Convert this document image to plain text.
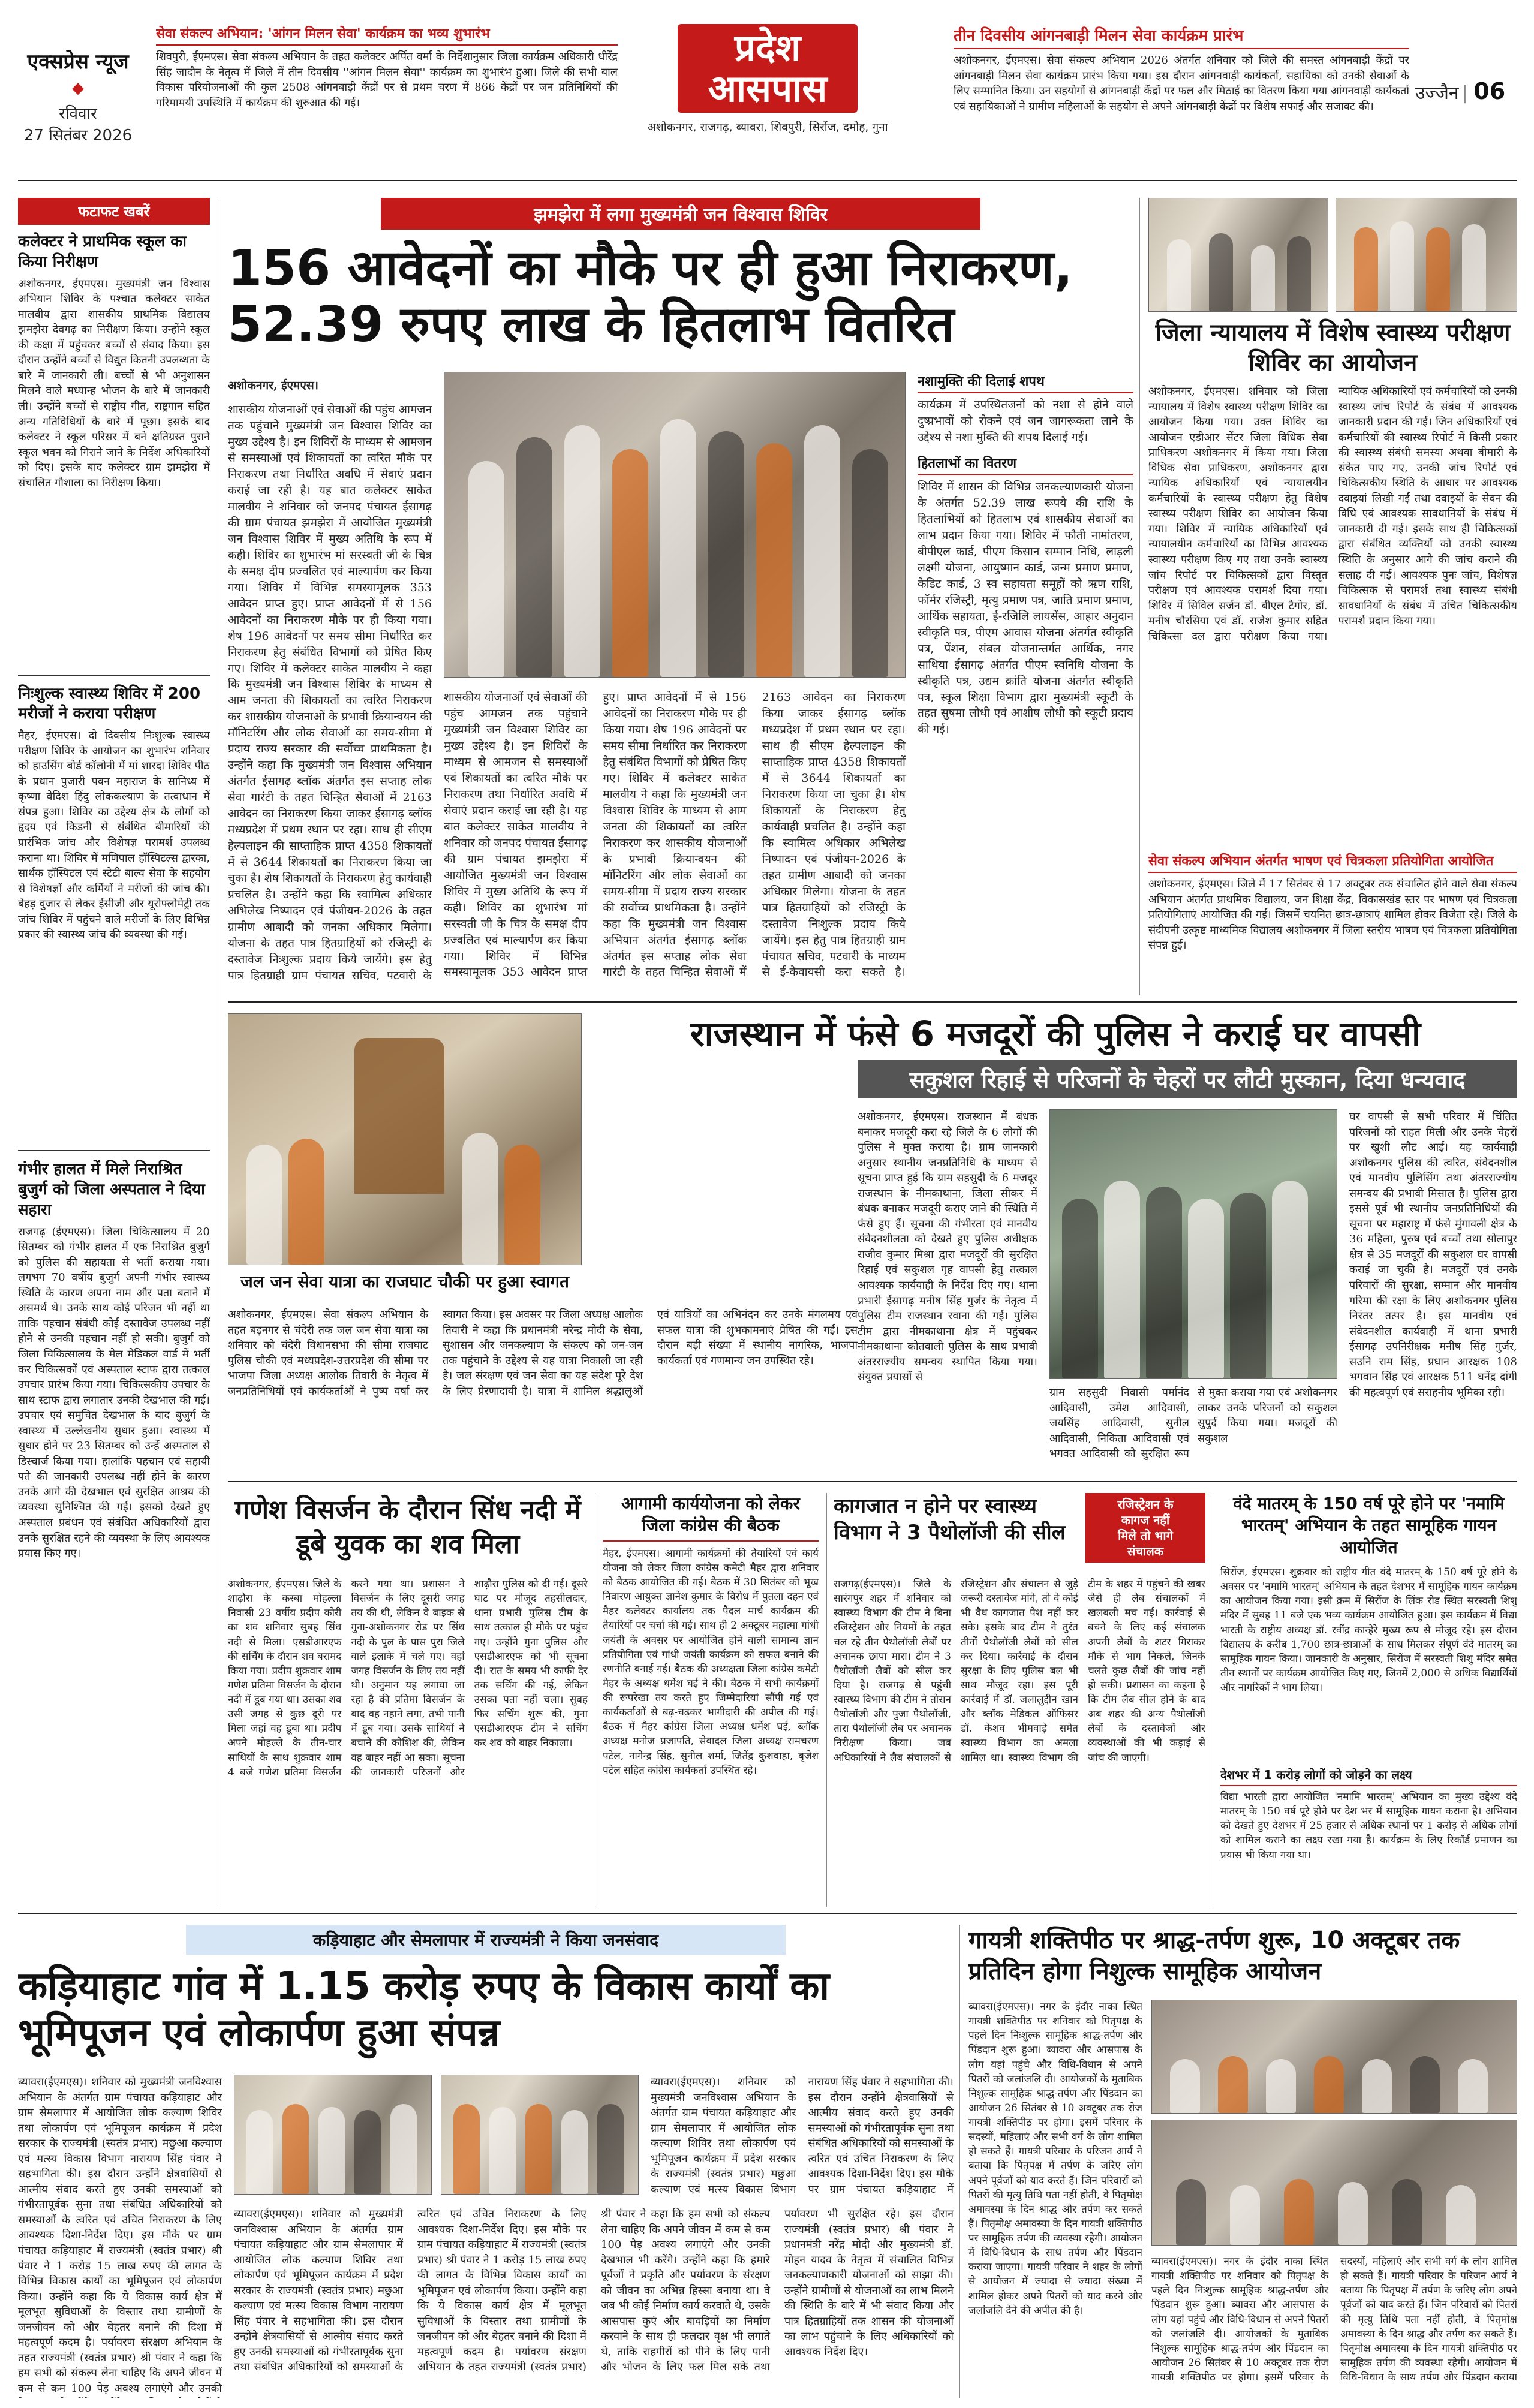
एक्सप्रेस न्यूज
◆
रविवार
27 सितंबर 2026
सेवा संकल्प अभियान: 'आंगन मिलन सेवा' कार्यक्रम का भव्य शुभारंभ
शिवपुरी, ईएमएस। सेवा संकल्प अभियान के तहत कलेक्टर अर्पित वर्मा के निर्देशानुसार जिला कार्यक्रम अधिकारी धीरेंद्र सिंह जादौन के नेतृत्व में जिले में तीन दिवसीय ''आंगन मिलन सेवा'' कार्यक्रम का शुभारंभ हुआ। जिले की सभी बाल विकास परियोजनाओं की कुल 2508 आंगनबाड़ी केंद्रों पर से प्रथम चरण में 866 केंद्रों पर जन प्रतिनिधियों की गरिमामयी उपस्थिति में कार्यक्रम की शुरुआत की गई।
प्रदेश
आसपास
अशोकनगर, राजगढ़, ब्यावरा, शिवपुरी, सिरोंज, दमोह, गुना
तीन दिवसीय आंगनबाड़ी मिलन सेवा कार्यक्रम प्रारंभ
अशोकनगर, ईएमएस। सेवा संकल्प अभियान 2026 अंतर्गत शनिवार को जिले की समस्त आंगनबाड़ी केंद्रों पर आंगनबाड़ी मिलन सेवा कार्यक्रम प्रारंभ किया गया। इस दौरान आंगनवाड़ी कार्यकर्ता, सहायिका को उनकी सेवाओं के लिए सम्मानित किया। उन सहयोगों से आंगनबाड़ी केंद्रों पर फल और मिठाई का वितरण किया गया आंगनवाड़ी कार्यकर्ता एवं सहायिकाओं ने ग्रामीण महिलाओं के सहयोग से अपने आंगनबाड़ी केंद्रों पर विशेष सफाई और सजावट की।
उज्जैन | 06
फटाफट खबरें
कलेक्टर ने प्राथमिक स्कूल का किया निरीक्षण
अशोकनगर, ईएमएस। मुख्यमंत्री जन विश्वास अभियान शिविर के पश्चात कलेक्टर साकेत मालवीय द्वारा शासकीय प्राथमिक विद्यालय झमझेरा देवगढ़ का निरीक्षण किया। उन्होंने स्कूल की कक्षा में पहुंचकर बच्चों से संवाद किया। इस दौरान उन्होंने बच्चों से विद्युत कितनी उपलब्धता के बारे में जानकारी ली। बच्चों से भी अनुशासन मिलने वाले मध्यान्ह भोजन के बारे में जानकारी ली। उन्होंने बच्चों से राष्ट्रीय गीत, राष्ट्रगान सहित अन्य गतिविधियों के बारे में पूछा। इसके बाद कलेक्टर ने स्कूल परिसर में बने क्षतिग्रस्त पुराने स्कूल भवन को गिराने जाने के निर्देश अधिकारियों को दिए। इसके बाद कलेक्टर ग्राम झमझेरा में संचालित गौशाला का निरीक्षण किया।
निःशुल्क स्वास्थ्य शिविर में 200 मरीजों ने कराया परीक्षण
मैहर, ईएमएस। दो दिवसीय निःशुल्क स्वास्थ्य परीक्षण शिविर के आयोजन का शुभारंभ शनिवार को हाउसिंग बोर्ड कॉलोनी में मां शारदा शिविर पीठ के प्रधान पुजारी पवन महाराज के सानिध्य में कृष्णा वेदिश हिंदु लोककल्याण के तत्वाधान में संपन्न हुआ। शिविर का उद्देश्य क्षेत्र के लोगों को हृदय एवं किडनी से संबंधित बीमारियों की प्रारंभिक जांच और विशेषज्ञ परामर्श उपलब्ध कराना था। शिविर में मणिपाल हॉस्पिटल्स द्वारका, सार्थक हॉस्पिटल एवं स्टेटी बाल्व सेवा के सहयोग से विशेषज्ञों और कर्मियों ने मरीजों की जांच की। बेहड़ वुजार से लेकर ईसीजी और यूरोफ्लोमेट्री तक जांच शिविर में पहुंचने वाले मरीजों के लिए विभिन्न प्रकार की स्वास्थ्य जांच की व्यवस्था की गई।
गंभीर हालत में मिले निराश्रित बुजुर्ग को जिला अस्पताल ने दिया सहारा
राजगढ़ (ईएमएस)। जिला चिकित्सालय में 20 सितम्बर को गंभीर हालत में एक निराश्रित बुजुर्ग को पुलिस की सहायता से भर्ती कराया गया। लगभग 70 वर्षीय बुजुर्ग अपनी गंभीर स्वास्थ्य स्थिति के कारण अपना नाम और पता बताने में असमर्थ थे। उनके साथ कोई परिजन भी नहीं था ताकि पहचान संबंधी कोई दस्तावेज उपलब्ध नहीं होने से उनकी पहचान नहीं हो सकी। बुजुर्ग को जिला चिकित्सालय के मेल मेडिकल वार्ड में भर्ती कर चिकित्सकों एवं अस्पताल स्टाफ द्वारा तत्काल उपचार प्रारंभ किया गया। चिकित्सकीय उपचार के साथ स्टाफ द्वारा लगातार उनकी देखभाल की गई। उपचार एवं समुचित देखभाल के बाद बुजुर्ग के स्वास्थ्य में उल्लेखनीय सुधार हुआ। स्वास्थ्य में सुधार होने पर 23 सितम्बर को उन्हें अस्पताल से डिस्चार्ज किया गया। हालांकि पहचान एवं सहायी पते की जानकारी उपलब्ध नहीं होने के कारण उनके आगे की देखभाल एवं सुरक्षित आश्रय की व्यवस्था सुनिश्चित की गई। इसको देखते हुए अस्पताल प्रबंधन एवं संबंधित अधिकारियों द्वारा उनके सुरक्षित रहने की व्यवस्था के लिए आवश्यक प्रयास किए गए।
झमझेरा में लगा मुख्यमंत्री जन विश्वास शिविर
156 आवेदनों का मौके पर ही हुआ निराकरण, 52.39 रुपए लाख के हितलाभ वितरित
अशोकनगर, ईएमएस।
शासकीय योजनाओं एवं सेवाओं की पहुंच आमजन तक पहुंचाने मुख्यमंत्री जन विश्वास शिविर का मुख्य उद्देश्य है। इन शिविरों के माध्यम से आमजन से समस्याओं एवं शिकायतों का त्वरित मौके पर निराकरण तथा निर्धारित अवधि में सेवाएं प्रदान कराई जा रही है। यह बात कलेक्टर साकेत मालवीय ने शनिवार को जनपद पंचायत ईसागढ़ की ग्राम पंचायत झमझेरा में आयोजित मुख्यमंत्री जन विश्वास शिविर में मुख्य अतिथि के रूप में कही। शिविर का शुभारंभ मां सरस्वती जी के चित्र के समक्ष दीप प्रज्वलित एवं माल्यार्पण कर किया गया। शिविर में विभिन्न समस्यामूलक 353 आवेदन प्राप्त हुए। प्राप्त आवेदनों में से 156 आवेदनों का निराकरण मौके पर ही किया गया। शेष 196 आवेदनों पर समय सीमा निर्धारित कर निराकरण हेतु संबंधित विभागों को प्रेषित किए गए। शिविर में कलेक्टर साकेत मालवीय ने कहा कि मुख्यमंत्री जन विश्वास शिविर के माध्यम से आम जनता की शिकायतों का त्वरित निराकरण कर शासकीय योजनाओं के प्रभावी क्रियान्वयन की मॉनिटरिंग और लोक सेवाओं का समय-सीमा में प्रदाय राज्य सरकार की सर्वोच्च प्राथमिकता है। उन्होंने कहा कि मुख्यमंत्री जन विश्वास अभियान अंतर्गत ईसागढ़ ब्लॉक अंतर्गत इस सप्ताह लोक सेवा गारंटी के तहत चिन्हित सेवाओं में 2163 आवेदन का निराकरण किया जाकर ईसागढ़ ब्लॉक मध्यप्रदेश में प्रथम स्थान पर रहा। साथ ही सीएम हेल्पलाइन की साप्ताहिक प्राप्त 4358 शिकायतों में से 3644 शिकायतों का निराकरण किया जा चुका है। शेष शिकायतों के निराकरण हेतु कार्यवाही प्रचलित है। उन्होंने कहा कि स्वामित्व अधिकार अभिलेख निष्पादन एवं पंजीयन-2026 के तहत ग्रामीण आबादी को जनका अधिकार मिलेगा। योजना के तहत पात्र हितग्राहियों को रजिस्ट्री के दस्तावेज निःशुल्क प्रदाय किये जायेंगे। इस हेतु पात्र हितग्राही ग्राम पंचायत सचिव, पटवारी के
शासकीय योजनाओं एवं सेवाओं की पहुंच आमजन तक पहुंचाने मुख्यमंत्री जन विश्वास शिविर का मुख्य उद्देश्य है। इन शिविरों के माध्यम से आमजन से समस्याओं एवं शिकायतों का त्वरित मौके पर निराकरण तथा निर्धारित अवधि में सेवाएं प्रदान कराई जा रही है। यह बात कलेक्टर साकेत मालवीय ने शनिवार को जनपद पंचायत ईसागढ़ की ग्राम पंचायत झमझेरा में आयोजित मुख्यमंत्री जन विश्वास शिविर में मुख्य अतिथि के रूप में कही। शिविर का शुभारंभ मां सरस्वती जी के चित्र के समक्ष दीप प्रज्वलित एवं माल्यार्पण कर किया गया। शिविर में विभिन्न समस्यामूलक 353 आवेदन प्राप्त हुए। प्राप्त आवेदनों में से 156 आवेदनों का निराकरण मौके पर ही किया गया। शेष 196 आवेदनों पर समय सीमा निर्धारित कर निराकरण हेतु संबंधित विभागों को प्रेषित किए गए। शिविर में कलेक्टर साकेत मालवीय ने कहा कि मुख्यमंत्री जन विश्वास शिविर के माध्यम से आम जनता की शिकायतों का त्वरित निराकरण कर शासकीय योजनाओं के प्रभावी क्रियान्वयन की मॉनिटरिंग और लोक सेवाओं का समय-सीमा में प्रदाय राज्य सरकार की सर्वोच्च प्राथमिकता है। उन्होंने कहा कि मुख्यमंत्री जन विश्वास अभियान अंतर्गत ईसागढ़ ब्लॉक अंतर्गत इस सप्ताह लोक सेवा गारंटी के तहत चिन्हित सेवाओं में 2163 आवेदन का निराकरण किया जाकर ईसागढ़ ब्लॉक मध्यप्रदेश में प्रथम स्थान पर रहा। साथ ही सीएम हेल्पलाइन की साप्ताहिक प्राप्त 4358 शिकायतों में से 3644 शिकायतों का निराकरण किया जा चुका है। शेष शिकायतों के निराकरण हेतु कार्यवाही प्रचलित है। उन्होंने कहा कि स्वामित्व अधिकार अभिलेख निष्पादन एवं पंजीयन-2026 के तहत ग्रामीण आबादी को जनका अधिकार मिलेगा। योजना के तहत पात्र हितग्राहियों को रजिस्ट्री के दस्तावेज निःशुल्क प्रदाय किये जायेंगे। इस हेतु पात्र हितग्राही ग्राम पंचायत सचिव, पटवारी के माध्यम से ई-केवायसी करा सकते है।
नशामुक्ति की दिलाई शपथ
कार्यक्रम में उपस्थितजनों को नशा से होने वाले दुष्प्रभावों को रोकने एवं जन जागरूकता लाने के उद्देश्य से नशा मुक्ति की शपथ दिलाई गई।
हितलाभों का वितरण
शिविर में शासन की विभिन्न जनकल्याणकारी योजना के अंतर्गत 52.39 लाख रूपये की राशि के हितलाभियों को हितलाभ एवं शासकीय सेवाओं का लाभ प्रदान किया गया। शिविर में फौती नामांतरण, बीपीएल कार्ड, पीएम किसान सम्मान निधि, लाड़ली लक्ष्मी योजना, आयुष्मान कार्ड, जन्म प्रमाण प्रमाण, केडिट कार्ड, 3 स्व सहायता समूहों को ऋण राशि, फॉर्मर रजिस्ट्री, मृत्यु प्रमाण पत्र, जाति प्रमाण प्रमाण, आर्थिक सहायता, ई-रजिलि लायसेंस, आहार अनुदान स्वीकृति पत्र, पीएम आवास योजना अंतर्गत स्वीकृति पत्र, पेंशन, संबल योजनान्तर्गत आर्थिक, नगर साथिया ईसागढ़ अंतर्गत पीएम स्वनिधि योजना के स्वीकृति पत्र, उद्यम क्रांति योजना अंतर्गत स्वीकृति पत्र, स्कूल शिक्षा विभाग द्वारा मुख्यमंत्री स्कूटी के तहत सुषमा लोधी एवं आशीष लोधी को स्कूटी प्रदाय की गई।
जिला न्यायालय में विशेष स्वास्थ्य परीक्षण शिविर का आयोजन
अशोकनगर, ईएमएस। शनिवार को जिला न्यायालय में विशेष स्वास्थ्य परीक्षण शिविर का आयोजन किया गया। उक्त शिविर का आयोजन एडीआर सेंटर जिला विधिक सेवा प्राधिकरण अशोकनगर में किया गया। जिला विधिक सेवा प्राधिकरण, अशोकनगर द्वारा न्यायिक अधिकारियों एवं न्यायालयीन कर्मचारियों के स्वास्थ्य परीक्षण हेतु विशेष स्वास्थ्य परीक्षण शिविर का आयोजन किया गया। शिविर में न्यायिक अधिकारियों एवं न्यायालयीन कर्मचारियों का विभिन्न आवश्यक स्वास्थ्य परीक्षण किए गए तथा उनके स्वास्थ्य जांच रिपोर्ट पर चिकित्सकों द्वारा विस्तृत परीक्षण एवं आवश्यक परामर्श दिया गया। शिविर में सिविल सर्जन डॉ. बीएल टैगोर, डॉ. मनीष चौरसिया एवं डॉ. राजेश कुमार सहित चिकित्सा दल द्वारा परीक्षण किया गया। न्यायिक अधिकारियों एवं कर्मचारियों को उनकी स्वास्थ्य जांच रिपोर्ट के संबंध में आवश्यक जानकारी प्रदान की गई। जिन अधिकारियों एवं कर्मचारियों की स्वास्थ्य रिपोर्ट में किसी प्रकार की स्वास्थ्य संबंधी समस्या अथवा बीमारी के संकेत पाए गए, उनकी जांच रिपोर्ट एवं चिकित्सकीय स्थिति के आधार पर आवश्यक दवाइयां लिखी गईं तथा दवाइयों के सेवन की विधि एवं आवश्यक सावधानियों के संबंध में जानकारी दी गई। इसके साथ ही चिकित्सकों द्वारा संबंधित व्यक्तियों को उनकी स्वास्थ्य स्थिति के अनुसार आगे की जांच कराने की सलाह दी गई। आवश्यक पुनः जांच, विशेषज्ञ चिकित्सक से परामर्श तथा स्वास्थ्य संबंधी सावधानियों के संबंध में उचित चिकित्सकीय परामर्श प्रदान किया गया।
सेवा संकल्प अभियान अंतर्गत भाषण एवं चित्रकला प्रतियोगिता आयोजित
अशोकनगर, ईएमएस। जिले में 17 सितंबर से 17 अक्टूबर तक संचालित होने वाले सेवा संकल्प अभियान अंतर्गत प्राथमिक विद्यालय, जन शिक्षा केंद्र, विकासखंड स्तर पर भाषण एवं चित्रकला प्रतियोगिताएं आयोजित की गईं। जिसमें चयनित छात्र-छात्राएं शामिल होकर विजेता रहे। जिले के संदीपनी उत्कृष्ट माध्यमिक विद्यालय अशोकनगर में जिला स्तरीय भाषण एवं चित्रकला प्रतियोगिता संपन्न हुई।
जल जन सेवा यात्रा का राजघाट चौकी पर हुआ स्वागत
अशोकनगर, ईएमएस। सेवा संकल्प अभियान के तहत बड़नगर से चंदेरी तक जल जन सेवा यात्रा का शनिवार को चंदेरी विधानसभा की सीमा राजघाट पुलिस चौकी एवं मध्यप्रदेश-उत्तरप्रदेश की सीमा पर भाजपा जिला अध्यक्ष आलोक तिवारी के नेतृत्व में जनप्रतिनिधियों एवं कार्यकर्ताओं ने पुष्प वर्षा कर स्वागत किया। इस अवसर पर जिला अध्यक्ष आलोक तिवारी ने कहा कि प्रधानमंत्री नरेन्द्र मोदी के सेवा, सुशासन और जनकल्याण के संकल्प को जन-जन तक पहुंचाने के उद्देश्य से यह यात्रा निकाली जा रही है। जल संरक्षण एवं जन सेवा का यह संदेश पूरे देश के लिए प्रेरणादायी है। यात्रा में शामिल श्रद्धालुओं एवं यात्रियों का अभिनंदन कर उनके मंगलमय एवं सफल यात्रा की शुभकामनाएं प्रेषित की गईं। इस दौरान बड़ी संख्या में स्थानीय नागरिक, भाजपा कार्यकर्ता एवं गणमान्य जन उपस्थित रहे।
राजस्थान में फंसे 6 मजदूरों की पुलिस ने कराई घर वापसी
सकुशल रिहाई से परिजनों के चेहरों पर लौटी मुस्कान, दिया धन्यवाद
अशोकनगर, ईएमएस। राजस्थान में बंधक बनाकर मजदूरी करा रहे जिले के 6 लोगों की पुलिस ने मुक्त कराया है। ग्राम जानकारी अनुसार स्थानीय जनप्रतिनिधि के माध्यम से सूचना प्राप्त हुई कि ग्राम सहसुदी के 6 मजदूर राजस्थान के नीमकाथाना, जिला सीकर में बंधक बनाकर मजदूरी कराए जाने की स्थिति में फंसे हुए हैं। सूचना की गंभीरता एवं मानवीय संवेदनशीलता को देखते हुए पुलिस अधीक्षक राजीव कुमार मिश्रा द्वारा मजदूरों की सुरक्षित रिहाई एवं सकुशल गृह वापसी हेतु तत्काल आवश्यक कार्यवाही के निर्देश दिए गए। थाना प्रभारी ईसागढ़ मनीष सिंह गुर्जर के नेतृत्व में पुलिस टीम राजस्थान रवाना की गई। पुलिस टीम द्वारा नीमकाथाना क्षेत्र में पहुंचकर नीमकाथाना कोतवाली पुलिस के साथ प्रभावी अंतरराज्यीय समन्वय स्थापित किया गया। संयुक्त प्रयासों से
ग्राम सहसुदी निवासी पर्मानंद आदिवासी, उमेश आदिवासी, जयसिंह आदिवासी, सुनील आदिवासी, निकिता आदिवासी एवं भगवत आदिवासी को सुरक्षित रूप से मुक्त कराया गया एवं अशोकनगर लाकर उनके परिजनों को सकुशल सुपुर्द किया गया। मजदूरों की सकुशल
घर वापसी से सभी परिवार में चिंतित परिजनों को राहत मिली और उनके चेहरों पर खुशी लौट आई। यह कार्यवाही अशोकनगर पुलिस की त्वरित, संवेदनशील एवं मानवीय पुलिसिंग तथा अंतरराज्यीय समन्वय की प्रभावी मिसाल है। पुलिस द्वारा इससे पूर्व भी स्थानीय जनप्रतिनिधियों की सूचना पर महाराष्ट्र में फंसे मुंगावली क्षेत्र के 36 महिला, पुरुष एवं बच्चों तथा सोलापुर क्षेत्र से 35 मजदूरों की सकुशल घर वापसी कराई जा चुकी है। मजदूरों एवं उनके परिवारों की सुरक्षा, सम्मान और मानवीय गरिमा की रक्षा के लिए अशोकनगर पुलिस निरंतर तत्पर है। इस मानवीय एवं संवेदनशील कार्यवाही में थाना प्रभारी ईसागढ़ उपनिरीक्षक मनीष सिंह गुर्जर, सउनि राम सिंह, प्रधान आरक्षक 108 भगवान सिंह एवं आरक्षक 511 घनेंद्र दांगी की महत्वपूर्ण एवं सराहनीय भूमिका रही।
गणेश विसर्जन के दौरान सिंध नदी में डूबे युवक का शव मिला
अशोकनगर, ईएमएस। जिले के शाढ़ौरा के कस्बा मोहल्ला निवासी 23 वर्षीय प्रदीप कोरी का शव शनिवार सुबह सिंध नदी से मिला। एसडीआरएफ की सर्चिंग के दौरान शव बरामद किया गया। प्रदीप शुक्रवार शाम गणेश प्रतिमा विसर्जन के दौरान नदी में डूब गया था। उसका शव उसी जगह से कुछ दूरी पर मिला जहां वह डूबा था। प्रदीप अपने मोहल्ले के तीन-चार साथियों के साथ शुक्रवार शाम 4 बजे गणेश प्रतिमा विसर्जन करने गया था। प्रशासन ने विसर्जन के लिए दूसरी जगह तय की थी, लेकिन वे बाइक से गुना-अशोकनगर रोड पर सिंध नदी के पुल के पास पुरा जिले वाले इलाके में चले गए। वहां जगह विसर्जन के लिए तय नहीं थी। अनुमान यह लगाया जा रहा है की प्रतिमा विसर्जन के बाद वह नहाने लगा, तभी पानी में डूब गया। उसके साथियों ने बचाने की कोशिश की, लेकिन वह बाहर नहीं आ सका। सूचना की जानकारी परिजनों और शाढ़ौरा पुलिस को दी गई। दूसरे घाट पर मौजूद तहसीलदार, थाना प्रभारी पुलिस टीम के साथ तत्काल ही मौके पर पहुंच गए। उन्होंने गुना पुलिस और एसडीआरएफ को भी सूचना दी। रात के समय भी काफी देर तक सर्चिंग की गई, लेकिन उसका पता नहीं चला। सुबह फिर सर्चिंग शुरू की, गुना एसडीआरएफ टीम ने सर्चिंग कर शव को बाहर निकाला।
आगामी कार्ययोजना को लेकर जिला कांग्रेस की बैठक
मैहर, ईएमएस। आगामी कार्यक्रमों की तैयारियों एवं कार्य योजना को लेकर जिला कांग्रेस कमेटी मैहर द्वारा शनिवार को बैठक आयोजित की गई। बैठक में 30 सितंबर को भूख निवारण आयुक्त ज्ञानेश कुमार के विरोध में पुतला दहन एवं मैहर कलेक्टर कार्यालय तक पैदल मार्च कार्यक्रम की तैयारियों पर चर्चा की गई। साथ ही 2 अक्टूबर महात्मा गांधी जयंती के अवसर पर आयोजित होने वाली सामान्य ज्ञान प्रतियोगिता एवं गांधी जयंती कार्यक्रम को सफल बनाने की रणनीति बनाई गई। बैठक की अध्यक्षता जिला कांग्रेस कमेटी मैहर के अध्यक्ष धर्मेश घई ने की। बैठक में सभी कार्यक्रमों की रूपरेखा तय करते हुए जिम्मेदारियां सौंपी गई एवं कार्यकर्ताओं से बढ़-चढ़कर भागीदारी की अपील की गई। बैठक में मैहर कांग्रेस जिला अध्यक्ष धर्मेश घई, ब्लॉक अध्यक्ष मनोज प्रजापति, सेवादल जिला अध्यक्ष रामचरण पटेल, नागेन्द्र सिंह, सुनील शर्मा, जितेंद्र कुशवाहा, बृजेश पटेल सहित कांग्रेस कार्यकर्ता उपस्थित रहे।
कागजात न होने पर स्वास्थ्य विभाग ने 3 पैथोलॉजी की सील
रजिस्ट्रेशन के
कागज नहीं
मिले तो भागे
संचालक
राजगढ़(ईएमएस)। जिले के सारंगपुर शहर में शनिवार को स्वास्थ्य विभाग की टीम ने बिना रजिस्ट्रेशन और नियमों के तहत चल रहे तीन पैथोलॉजी लैबों पर अचानक छापा मारा। टीम ने 3 पैथोलॉजी लैबों को सील कर दिया है। राजगढ़ से पहुंची स्वास्थ्य विभाग की टीम ने तोरान पैथोलॉजी और पुजा पैथोलॉजी, तारा पैथोलॉजी लैब पर अचानक निरीक्षण किया। जब अधिकारियों ने लैब संचालकों से रजिस्ट्रेशन और संचालन से जुड़े जरूरी दस्तावेज मांगे, तो वे कोई भी वैध कागजात पेश नहीं कर सके। इसके बाद टीम ने तुरंत तीनों पैथोलॉजी लैबों को सील कर दिया। कार्रवाई के दौरान सुरक्षा के लिए पुलिस बल भी साथ मौजूद रहा। इस पूरी कार्रवाई में डॉ. जलालुद्दीन खान और ब्लॉक मेडिकल ऑफिसर डॉ. केशव भीमवाड़े समेत स्वास्थ्य विभाग का अमला शामिल था। स्वास्थ्य विभाग की टीम के शहर में पहुंचने की खबर जैसे ही लैब संचालकों में खलबली मच गई। कार्रवाई से बचने के लिए कई संचालक अपनी लैबों के शटर गिराकर मौके से भाग निकले, जिनके चलते कुछ लैबों की जांच नहीं हो सकी। प्रशासन का कहना है कि टीम लैब सील होने के बाद अब शहर की अन्य पैथोलॉजी लैबों के दस्तावेजों और व्यवस्थाओं की भी कड़ाई से जांच की जाएगी।
वंदे मातरम् के 150 वर्ष पूरे होने पर 'नमामि भारतम्' अभियान के तहत सामूहिक गायन आयोजित
सिरोंज, ईएमएस। शुक्रवार को राष्ट्रीय गीत वंदे मातरम् के 150 वर्ष पूरे होने के अवसर पर 'नमामि भारतम्' अभियान के तहत देशभर में सामूहिक गायन कार्यक्रम का आयोजन किया गया। इसी क्रम में सिरोंज के लिंक रोड स्थित सरस्वती शिशु मंदिर में सुबह 11 बजे एक भव्य कार्यक्रम आयोजित हुआ। इस कार्यक्रम में विद्या भारती के राष्ट्रीय अध्यक्ष डॉ. रवींद्र कान्हेरे मुख्य रूप से मौजूद रहे। इस दौरान विद्यालय के करीब 1,700 छात्र-छात्राओं के साथ मिलकर संपूर्ण वंदे मातरम् का सामूहिक गायन किया। जानकारी के अनुसार, सिरोंज में सरस्वती शिशु मंदिर समेत तीन स्थानों पर कार्यक्रम आयोजित किए गए, जिनमें 2,000 से अधिक विद्यार्थियों और नागरिकों ने भाग लिया।
देशभर में 1 करोड़ लोगों को जोड़ने का लक्ष्य
विद्या भारती द्वारा आयोजित 'नमामि भारतम्' अभियान का मुख्य उद्देश्य वंदे मातरम् के 150 वर्ष पूरे होने पर देश भर में सामूहिक गायन कराना है। अभियान को देखते हुए देशभर में 25 हजार से अधिक स्थानों पर 1 करोड़ से अधिक लोगों को शामिल कराने का लक्ष्य रखा गया है। कार्यक्रम के लिए रिकॉर्ड प्रमाणन का प्रयास भी किया गया था।
कड़ियाहाट और सेमलापार में राज्यमंत्री ने किया जनसंवाद
कड़ियाहाट गांव में 1.15 करोड़ रुपए के विकास कार्यों का भूमिपूजन एवं लोकार्पण हुआ संपन्न
ब्यावरा(ईएमएस)। शनिवार को मुख्यमंत्री जनविश्वास अभियान के अंतर्गत ग्राम पंचायत कड़ियाहाट और ग्राम सेमलापार में आयोजित लोक कल्याण शिविर तथा लोकार्पण एवं भूमिपूजन कार्यक्रम में प्रदेश सरकार के राज्यमंत्री (स्वतंत्र प्रभार) मछुआ कल्याण एवं मत्स्य विकास विभाग नारायण सिंह पंवार ने सहभागिता की। इस दौरान उन्होंने क्षेत्रवासियों से आत्मीय संवाद करते हुए उनकी समस्याओं को गंभीरतापूर्वक सुना तथा संबंधित अधिकारियों को समस्याओं के त्वरित एवं उचित निराकरण के लिए आवश्यक दिशा-निर्देश दिए। इस मौके पर ग्राम पंचायत कड़ियाहाट में राज्यमंत्री (स्वतंत्र प्रभार) श्री पंवार ने 1 करोड़ 15 लाख रुपए की लागत के विभिन्न विकास कार्यों का भूमिपूजन एवं लोकार्पण किया। उन्होंने कहा कि ये विकास कार्य क्षेत्र में मूलभूत सुविधाओं के विस्तार तथा ग्रामीणों के जनजीवन को और बेहतर बनाने की दिशा में महत्वपूर्ण कदम है। पर्यावरण संरक्षण अभियान के तहत राज्यमंत्री (स्वतंत्र प्रभार) श्री पंवार ने कहा कि हम सभी को संकल्प लेना चाहिए कि अपने जीवन में कम से कम 100 पेड़ अवश्य लगाएंगे और उनकी
ब्यावरा(ईएमएस)। शनिवार को मुख्यमंत्री जनविश्वास अभियान के अंतर्गत ग्राम पंचायत कड़ियाहाट और ग्राम सेमलापार में आयोजित लोक कल्याण शिविर तथा लोकार्पण एवं भूमिपूजन कार्यक्रम में प्रदेश सरकार के राज्यमंत्री (स्वतंत्र प्रभार) मछुआ कल्याण एवं मत्स्य विकास विभाग नारायण सिंह पंवार ने सहभागिता की। इस दौरान उन्होंने क्षेत्रवासियों से आत्मीय संवाद करते हुए उनकी समस्याओं को गंभीरतापूर्वक सुना तथा संबंधित अधिकारियों को समस्याओं के त्वरित एवं उचित निराकरण के लिए आवश्यक दिशा-निर्देश दिए। इस मौके पर ग्राम पंचायत कड़ियाहाट में राज्यमंत्री (स्वतंत्र प्रभार) श्री पंवार ने 1 करोड़ 15 लाख रुपए की लागत के विभिन्न विकास कार्यों का भूमिपूजन एवं लोकार्पण किया। उन्होंने कहा कि ये विकास कार्य क्षेत्र में मूलभूत सुविधाओं के विस्तार तथा ग्रामीणों के जनजीवन को और बेहतर बनाने की दिशा में महत्वपूर्ण कदम है। पर्यावरण संरक्षण अभियान के तहत राज्यमंत्री (स्वतंत्र प्रभार) श्री पंवार ने कहा कि हम सभी को संकल्प लेना चाहिए कि अपने जीवन में कम से कम 100 पेड़ अवश्य लगाएंगे और उनकी देखभाल भी करेंगे। उन्होंने कहा कि हमारे पूर्वजों ने प्रकृति और पर्यावरण के संरक्षण को जीवन का अभिन्न हिस्सा बनाया था। वे जब भी कोई निर्माण कार्य करवाते थे, उसके आसपास कुएं और बावड़ियों का निर्माण करवाने के साथ ही फलदार वृक्ष भी लगाते थे, ताकि राहगीरों को पीने के लिए पानी और भोजन के लिए फल मिल सके तथा पर्यावरण भी सुरक्षित रहे। इस दौरान राज्यमंत्री (स्वतंत्र प्रभार) श्री पंवार ने प्रधानमंत्री नरेंद्र मोदी और मुख्यमंत्री डॉ. मोहन यादव के नेतृत्व में संचालित विभिन्न जनकल्याणकारी योजनाओं को साझा की। उन्होंने ग्रामीणों से योजनाओं का लाभ मिलने की स्थिति के बारे में भी संवाद किया और पात्र हितग्राहियों तक शासन की योजनाओं का लाभ पहुंचाने के लिए अधिकारियों को आवश्यक निर्देश दिए।
ब्यावरा(ईएमएस)। शनिवार को मुख्यमंत्री जनविश्वास अभियान के अंतर्गत ग्राम पंचायत कड़ियाहाट और ग्राम सेमलापार में आयोजित लोक कल्याण शिविर तथा लोकार्पण एवं भूमिपूजन कार्यक्रम में प्रदेश सरकार के राज्यमंत्री (स्वतंत्र प्रभार) मछुआ कल्याण एवं मत्स्य विकास विभाग नारायण सिंह पंवार ने सहभागिता की। इस दौरान उन्होंने क्षेत्रवासियों से आत्मीय संवाद करते हुए उनकी समस्याओं को गंभीरतापूर्वक सुना तथा संबंधित अधिकारियों को समस्याओं के त्वरित एवं उचित निराकरण के लिए आवश्यक दिशा-निर्देश दिए। इस मौके पर ग्राम पंचायत कड़ियाहाट में
गायत्री शक्तिपीठ पर श्राद्ध-तर्पण शुरू, 10 अक्टूबर तक प्रतिदिन होगा निशुल्क सामूहिक आयोजन
ब्यावरा(ईएमएस)। नगर के इंदौर नाका स्थित गायत्री शक्तिपीठ पर शनिवार को पितृपक्ष के पहले दिन निःशुल्क सामूहिक श्राद्ध-तर्पण और पिंडदान शुरू हुआ। ब्यावरा और आसपास के लोग यहां पहुंचे और विधि-विधान से अपने पितरों को जलांजलि दी। आयोजकों के मुताबिक निशुल्क सामूहिक श्राद्ध-तर्पण और पिंडदान का आयोजन 26 सितंबर से 10 अक्टूबर तक रोज गायत्री शक्तिपीठ पर होगा। इसमें परिवार के सदस्यों, महिलाएं और सभी वर्ग के लोग शामिल हो सकते हैं। गायत्री परिवार के परिजन आर्य ने बताया कि पितृपक्ष में तर्पण के जरिए लोग अपने पूर्वजों को याद करते हैं। जिन परिवारों को पितरों की मृत्यु तिथि पता नहीं होती, वे पितृमोक्ष अमावस्या के दिन श्राद्ध और तर्पण कर सकते हैं। पितृमोक्ष अमावस्या के दिन गायत्री शक्तिपीठ पर सामूहिक तर्पण की व्यवस्था रहेगी। आयोजन में विधि-विधान के साथ तर्पण और पिंडदान कराया जाएगा। गायत्री परिवार ने शहर के लोगों से आयोजन में ज्यादा से ज्यादा संख्या में शामिल होकर अपने पितरों को याद करने और जलांजलि देने की अपील की है।
ब्यावरा(ईएमएस)। नगर के इंदौर नाका स्थित गायत्री शक्तिपीठ पर शनिवार को पितृपक्ष के पहले दिन निःशुल्क सामूहिक श्राद्ध-तर्पण और पिंडदान शुरू हुआ। ब्यावरा और आसपास के लोग यहां पहुंचे और विधि-विधान से अपने पितरों को जलांजलि दी। आयोजकों के मुताबिक निशुल्क सामूहिक श्राद्ध-तर्पण और पिंडदान का आयोजन 26 सितंबर से 10 अक्टूबर तक रोज गायत्री शक्तिपीठ पर होगा। इसमें परिवार के सदस्यों, महिलाएं और सभी वर्ग के लोग शामिल हो सकते हैं। गायत्री परिवार के परिजन आर्य ने बताया कि पितृपक्ष में तर्पण के जरिए लोग अपने पूर्वजों को याद करते हैं। जिन परिवारों को पितरों की मृत्यु तिथि पता नहीं होती, वे पितृमोक्ष अमावस्या के दिन श्राद्ध और तर्पण कर सकते हैं। पितृमोक्ष अमावस्या के दिन गायत्री शक्तिपीठ पर सामूहिक तर्पण की व्यवस्था रहेगी। आयोजन में विधि-विधान के साथ तर्पण और पिंडदान कराया
